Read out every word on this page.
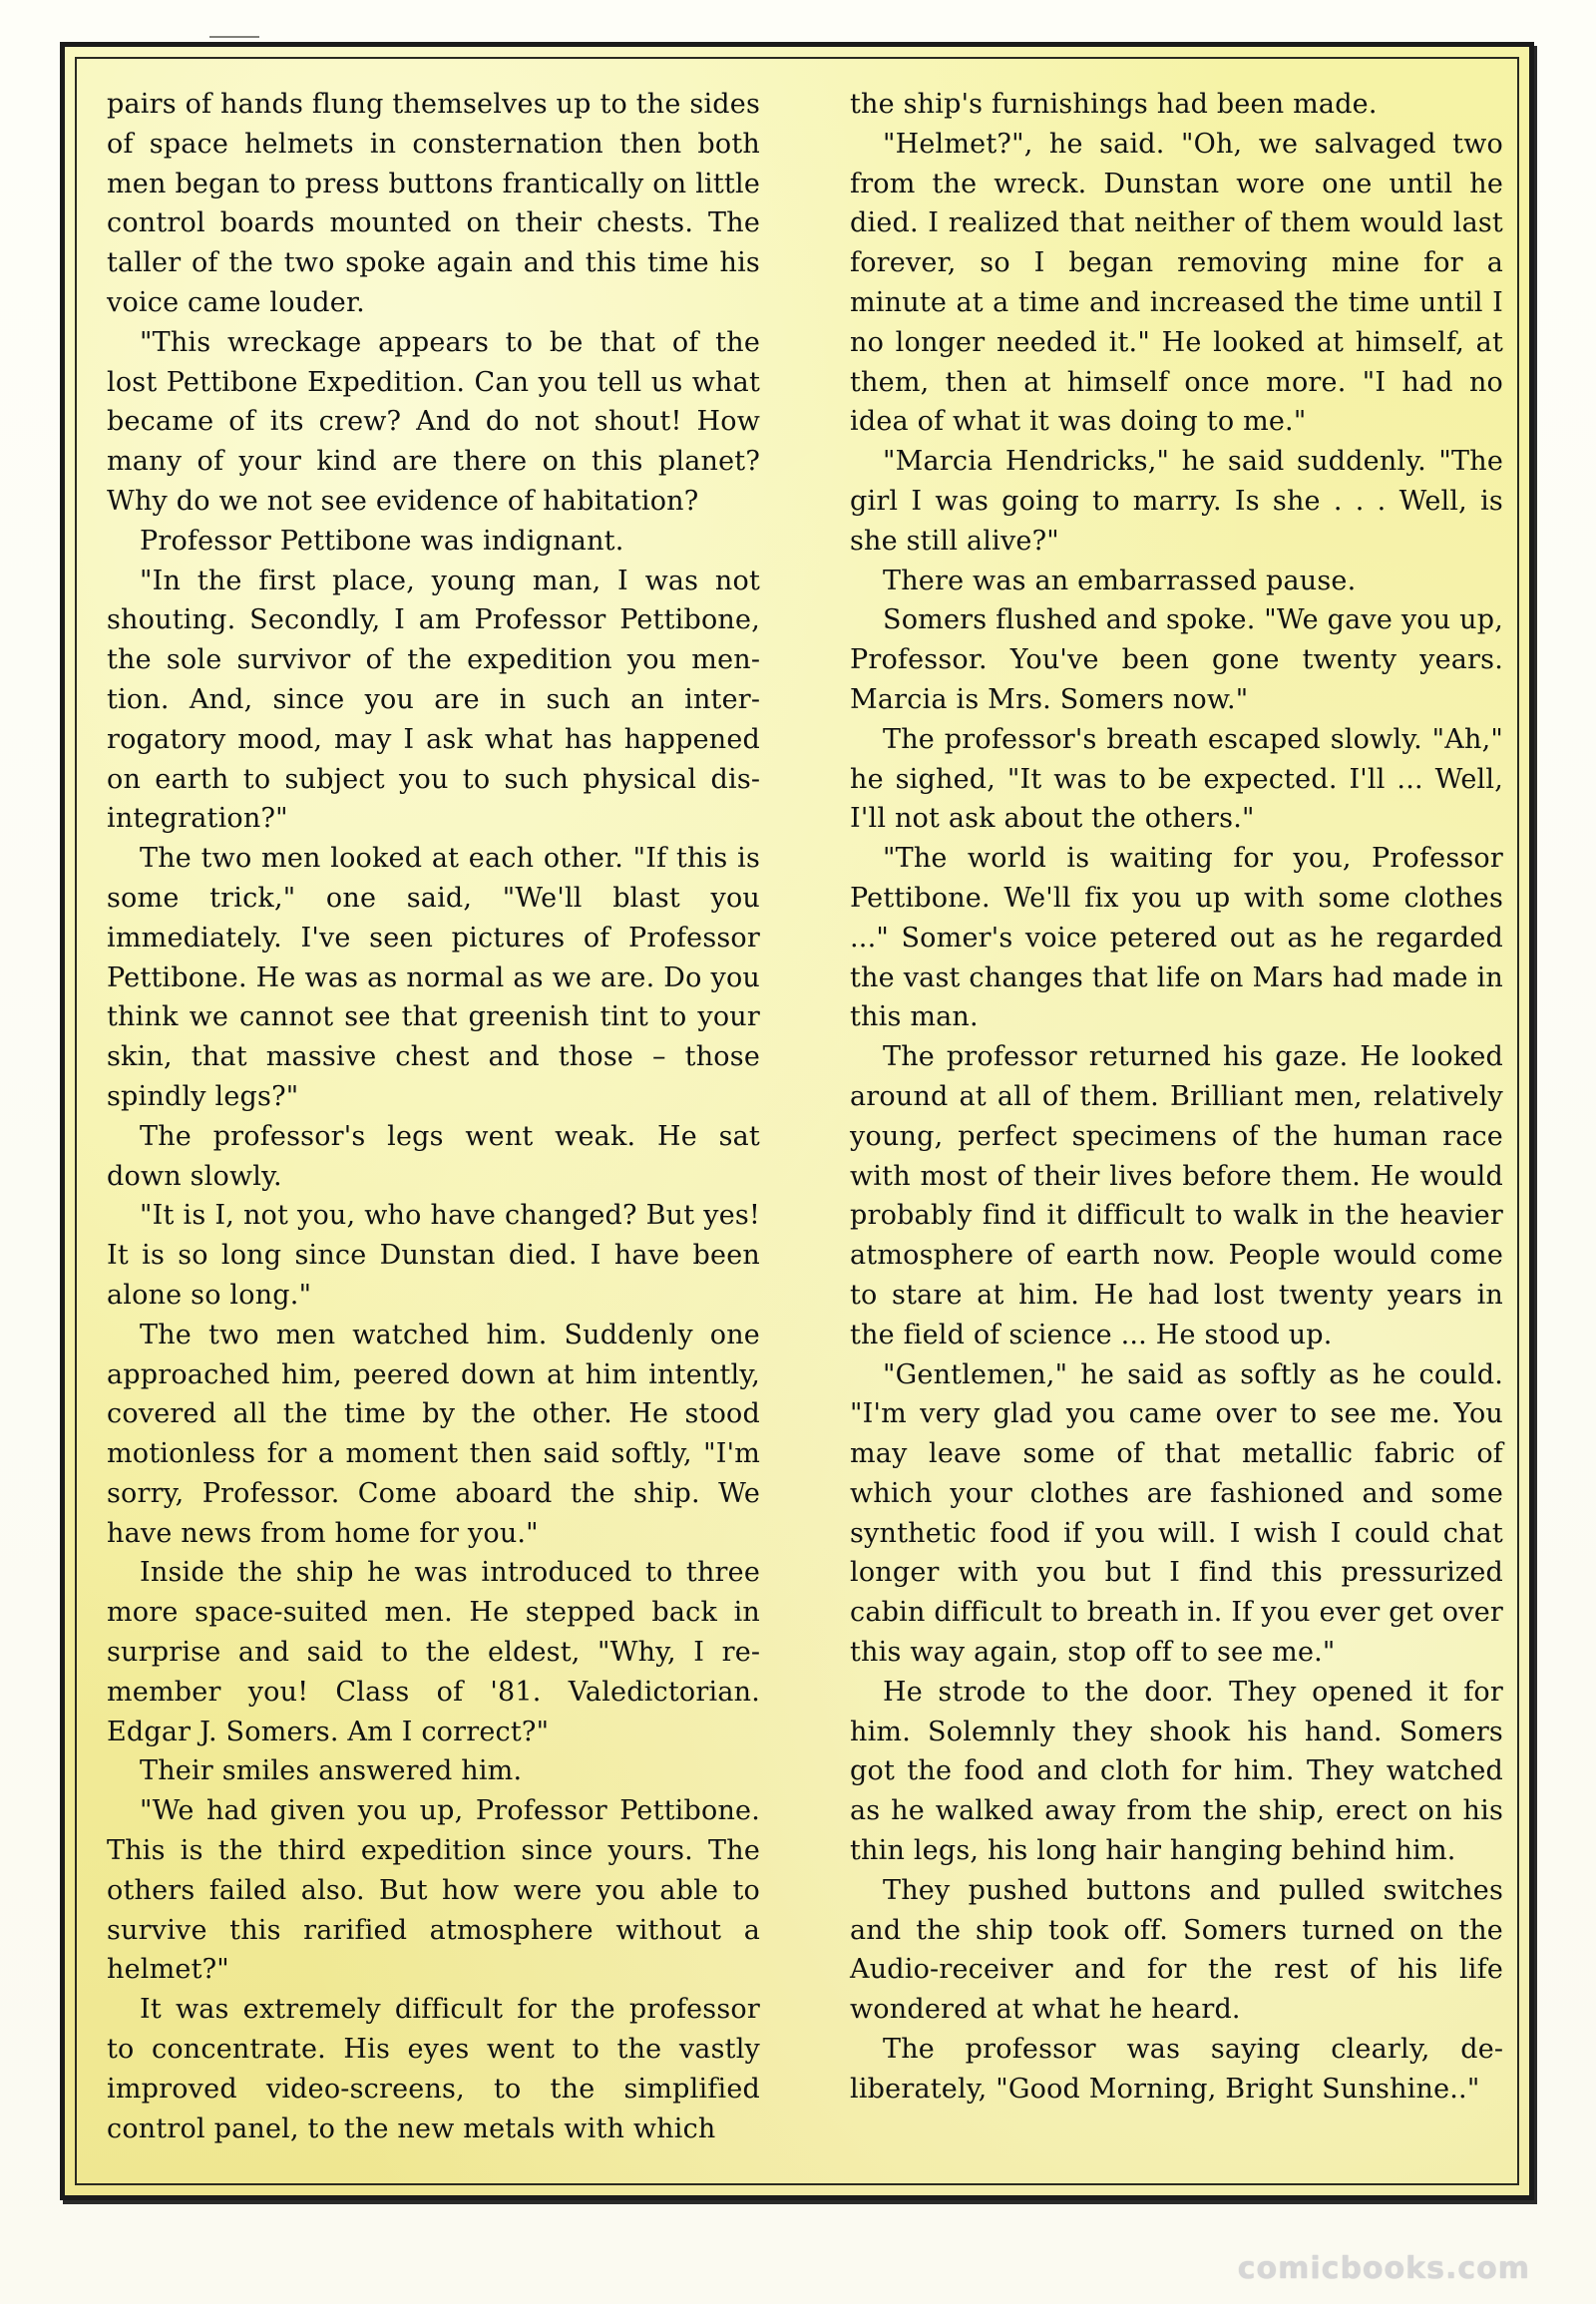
pairs of hands flung themselves up to the sides of space helmets in consternation then both men began to press buttons frantically on little control boards mounted on their chests. The taller of the two spoke again and this time his voice came louder.

"This wreckage appears to be that of the lost Pettibone Expedition. Can you tell us what became of its crew? And do not shout! How many of your kind are there on this planet? Why do we not see evidence of habitation?

Professor Pettibone was indignant.

"In the first place, young man, I was not shouting. Secondly, I am Professor Pettibone, the sole survivor of the expedition you mention. And, since you are in such an interrogatory mood, may I ask what has happened on earth to subject you to such physical disintegration?"

The two men looked at each other. "If this is some trick," one said, "We'll blast you immediately. I've seen pictures of Professor Pettibone. He was as normal as we are. Do you think we cannot see that greenish tint to your skin, that massive chest and those – those spindly legs?"

The professor's legs went weak. He sat down slowly.

"It is I, not you, who have changed? But yes! It is so long since Dunstan died. I have been alone so long."

The two men watched him. Suddenly one approached him, peered down at him intently, covered all the time by the other. He stood motionless for a moment then said softly, "I'm sorry, Professor. Come aboard the ship. We have news from home for you."

Inside the ship he was introduced to three more space-suited men. He stepped back in surprise and said to the eldest, "Why, I remember you! Class of '81. Valedictorian. Edgar J. Somers. Am I correct?"

Their smiles answered him.

"We had given you up, Professor Pettibone. This is the third expedition since yours. The others failed also. But how were you able to survive this rarified atmosphere without a helmet?"

It was extremely difficult for the professor to concentrate. His eyes went to the vastly improved video-screens, to the simplified control panel, to the new metals with which

the ship's furnishings had been made.

"Helmet?", he said. "Oh, we salvaged two from the wreck. Dunstan wore one until he died. I realized that neither of them would last forever, so I began removing mine for a minute at a time and increased the time until I no longer needed it." He looked at himself, at them, then at himself once more. "I had no idea of what it was doing to me."

"Marcia Hendricks," he said suddenly. "The girl I was going to marry. Is she . . . Well, is she still alive?"

There was an embarrassed pause.

Somers flushed and spoke. "We gave you up, Professor. You've been gone twenty years. Marcia is Mrs. Somers now."

The professor's breath escaped slowly. "Ah," he sighed, "It was to be expected. I'll ... Well, I'll not ask about the others."

"The world is waiting for you, Professor Pettibone. We'll fix you up with some clothes ..." Somer's voice petered out as he regarded the vast changes that life on Mars had made in this man.

The professor returned his gaze. He looked around at all of them. Brilliant men, relatively young, perfect specimens of the human race with most of their lives before them. He would probably find it difficult to walk in the heavier atmosphere of earth now. People would come to stare at him. He had lost twenty years in the field of science ... He stood up.

"Gentlemen," he said as softly as he could. "I'm very glad you came over to see me. You may leave some of that metallic fabric of which your clothes are fashioned and some synthetic food if you will. I wish I could chat longer with you but I find this pressurized cabin difficult to breath in. If you ever get over this way again, stop off to see me."

He strode to the door. They opened it for him. Solemnly they shook his hand. Somers got the food and cloth for him. They watched as he walked away from the ship, erect on his thin legs, his long hair hanging behind him.

They pushed buttons and pulled switches and the ship took off. Somers turned on the Audio-receiver and for the rest of his life wondered at what he heard.

The professor was saying clearly, deliberately, "Good Morning, Bright Sunshine.."

comicbooks.com
